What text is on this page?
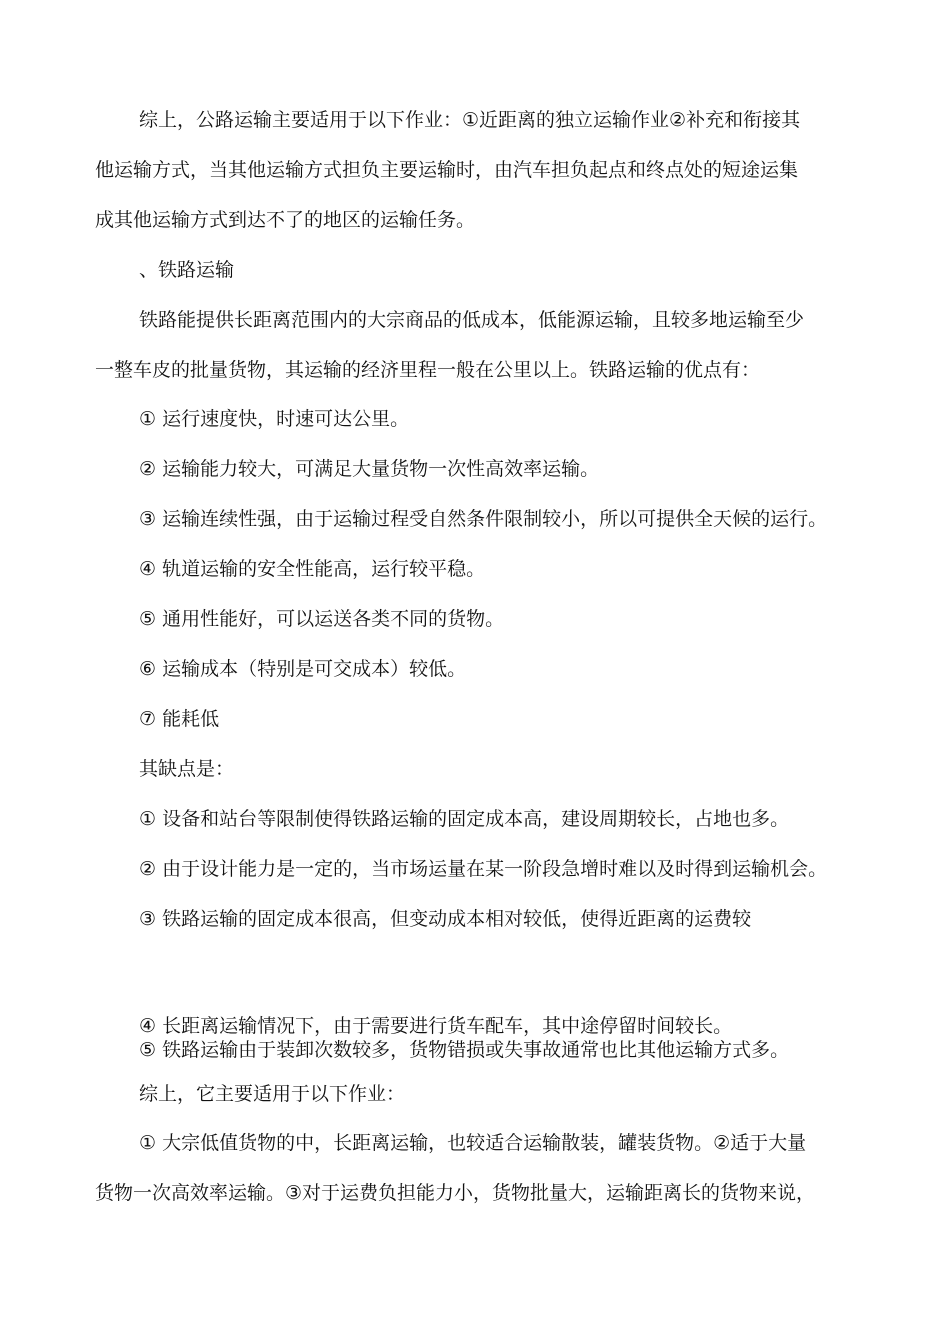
综上，公路运输主要适用于以下作业：①近距离的独立运输作业②补充和衔接其
他运输方式，当其他运输方式担负主要运输时，由汽车担负起点和终点处的短途运集
成其他运输方式到达不了的地区的运输任务。
、铁路运输
铁路能提供长距离范围内的大宗商品的低成本，低能源运输，且较多地运输至少
一整车皮的批量货物，其运输的经济里程一般在公里以上。铁路运输的优点有：
① 运行速度快，时速可达公里。
② 运输能力较大，可满足大量货物一次性高效率运输。
③ 运输连续性强，由于运输过程受自然条件限制较小，所以可提供全天候的运行。
④ 轨道运输的安全性能高，运行较平稳。
⑤ 通用性能好，可以运送各类不同的货物。
⑥ 运输成本（特别是可交成本）较低。
⑦ 能耗低
其缺点是：
① 设备和站台等限制使得铁路运输的固定成本高，建设周期较长，占地也多。
② 由于设计能力是一定的，当市场运量在某一阶段急增时难以及时得到运输机会。
③ 铁路运输的固定成本很高，但变动成本相对较低，使得近距离的运费较
④ 长距离运输情况下，由于需要进行货车配车，其中途停留时间较长。
⑤ 铁路运输由于装卸次数较多，货物错损或失事故通常也比其他运输方式多。
综上，它主要适用于以下作业：
① 大宗低值货物的中，长距离运输，也较适合运输散装，罐装货物。②适于大量
货物一次高效率运输。③对于运费负担能力小，货物批量大，运输距离长的货物来说，
